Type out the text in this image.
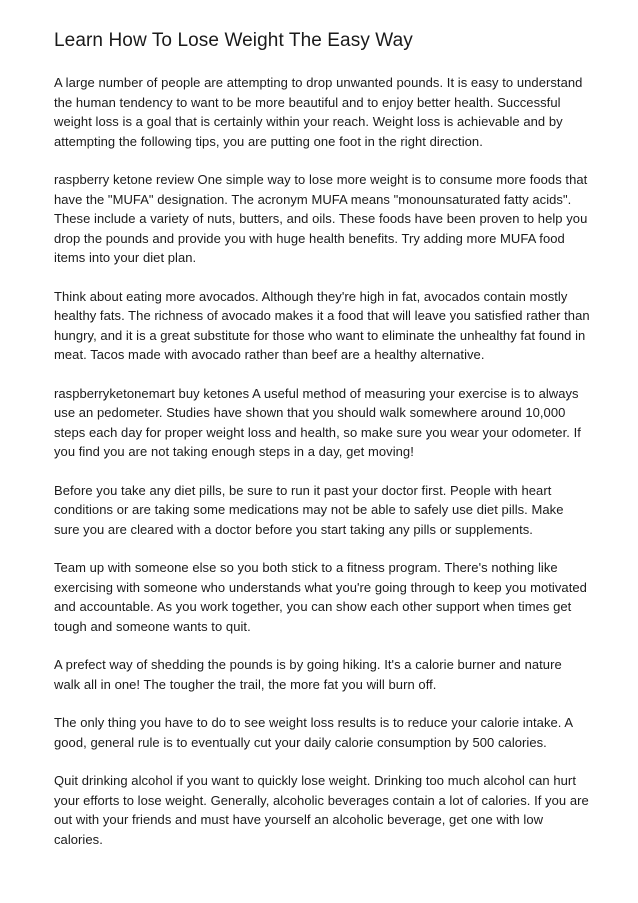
Learn How To Lose Weight The Easy Way

A large number of people are attempting to drop unwanted pounds. It is easy to understand the human tendency to want to be more beautiful and to enjoy better health. Successful weight loss is a goal that is certainly within your reach. Weight loss is achievable and by attempting the following tips, you are putting one foot in the right direction.

raspberry ketone review One simple way to lose more weight is to consume more foods that have the "MUFA" designation. The acronym MUFA means "monounsaturated fatty acids". These include a variety of nuts, butters, and oils. These foods have been proven to help you drop the pounds and provide you with huge health benefits. Try adding more MUFA food items into your diet plan.

Think about eating more avocados. Although they're high in fat, avocados contain mostly healthy fats. The richness of avocado makes it a food that will leave you satisfied rather than hungry, and it is a great substitute for those who want to eliminate the unhealthy fat found in meat. Tacos made with avocado rather than beef are a healthy alternative.

raspberryketonemart buy ketones A useful method of measuring your exercise is to always use an pedometer. Studies have shown that you should walk somewhere around 10,000 steps each day for proper weight loss and health, so make sure you wear your odometer. If you find you are not taking enough steps in a day, get moving!

Before you take any diet pills, be sure to run it past your doctor first. People with heart conditions or are taking some medications may not be able to safely use diet pills. Make sure you are cleared with a doctor before you start taking any pills or supplements.

Team up with someone else so you both stick to a fitness program. There's nothing like exercising with someone who understands what you're going through to keep you motivated and accountable. As you work together, you can show each other support when times get tough and someone wants to quit.

A prefect way of shedding the pounds is by going hiking. It's a calorie burner and nature walk all in one! The tougher the trail, the more fat you will burn off.

The only thing you have to do to see weight loss results is to reduce your calorie intake. A good, general rule is to eventually cut your daily calorie consumption by 500 calories.

Quit drinking alcohol if you want to quickly lose weight. Drinking too much alcohol can hurt your efforts to lose weight. Generally, alcoholic beverages contain a lot of calories. If you are out with your friends and must have yourself an alcoholic beverage, get one with low calories.
